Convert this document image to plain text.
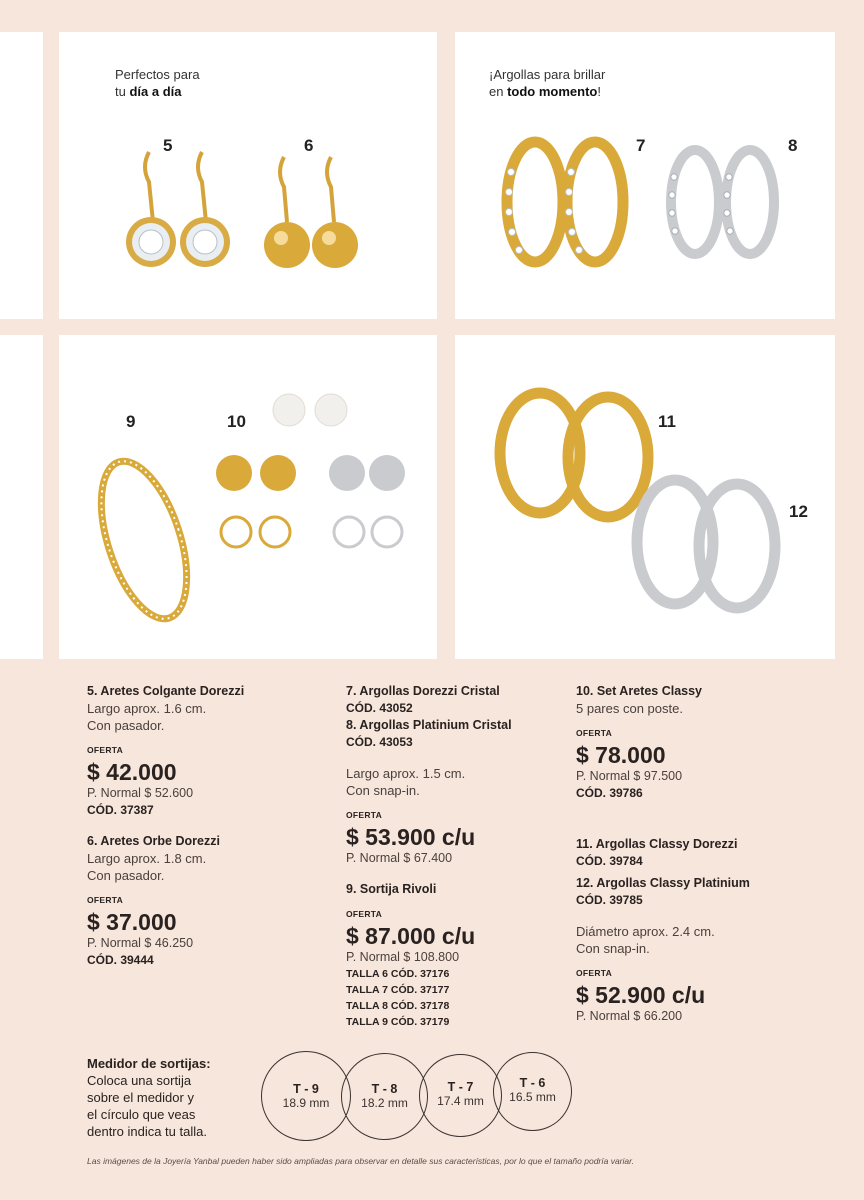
Perfectos para
tu día a día
5	6
¡Argollas para brillar
en todo momento!
7	8
9	10	11
12
5. Aretes Colgante Dorezzi
Largo aprox. 1.6 cm.
Con pasador.
OFERTA
$ 42.000
P. Normal $ 52.600
CÓD. 37387
6. Aretes Orbe Dorezzi
Largo aprox. 1.8 cm.
Con pasador.
OFERTA
$ 37.000
P. Normal $ 46.250
CÓD. 39444
7. Argollas Dorezzi Cristal
CÓD. 43052
8. Argollas Platinium Cristal
CÓD. 43053
Largo aprox. 1.5 cm.
Con snap-in.
OFERTA
$ 53.900 c/u
P. Normal $ 67.400
9. Sortija Rivoli
OFERTA
$ 87.000 c/u
P. Normal $ 108.800
TALLA 6 CÓD. 37176
TALLA 7 CÓD. 37177
TALLA 8 CÓD. 37178
TALLA 9 CÓD. 37179
10. Set Aretes Classy
5 pares con poste.
OFERTA
$ 78.000
P. Normal $ 97.500
CÓD. 39786
11. Argollas Classy Dorezzi
CÓD. 39784
12. Argollas Classy Platinium
CÓD. 39785
Diámetro aprox. 2.4 cm.
Con snap-in.
OFERTA
$ 52.900 c/u
P. Normal $ 66.200
Medidor de sortijas:
Coloca una sortija
sobre el medidor y
el círculo que veas
dentro indica tu talla.
T - 9
18.9 mm
T - 8
18.2 mm
T - 7
17.4 mm
T - 6
16.5 mm
Las imágenes de la Joyería Yanbal pueden haber sido ampliadas para observar en detalle sus características, por lo que el tamaño podría variar.
